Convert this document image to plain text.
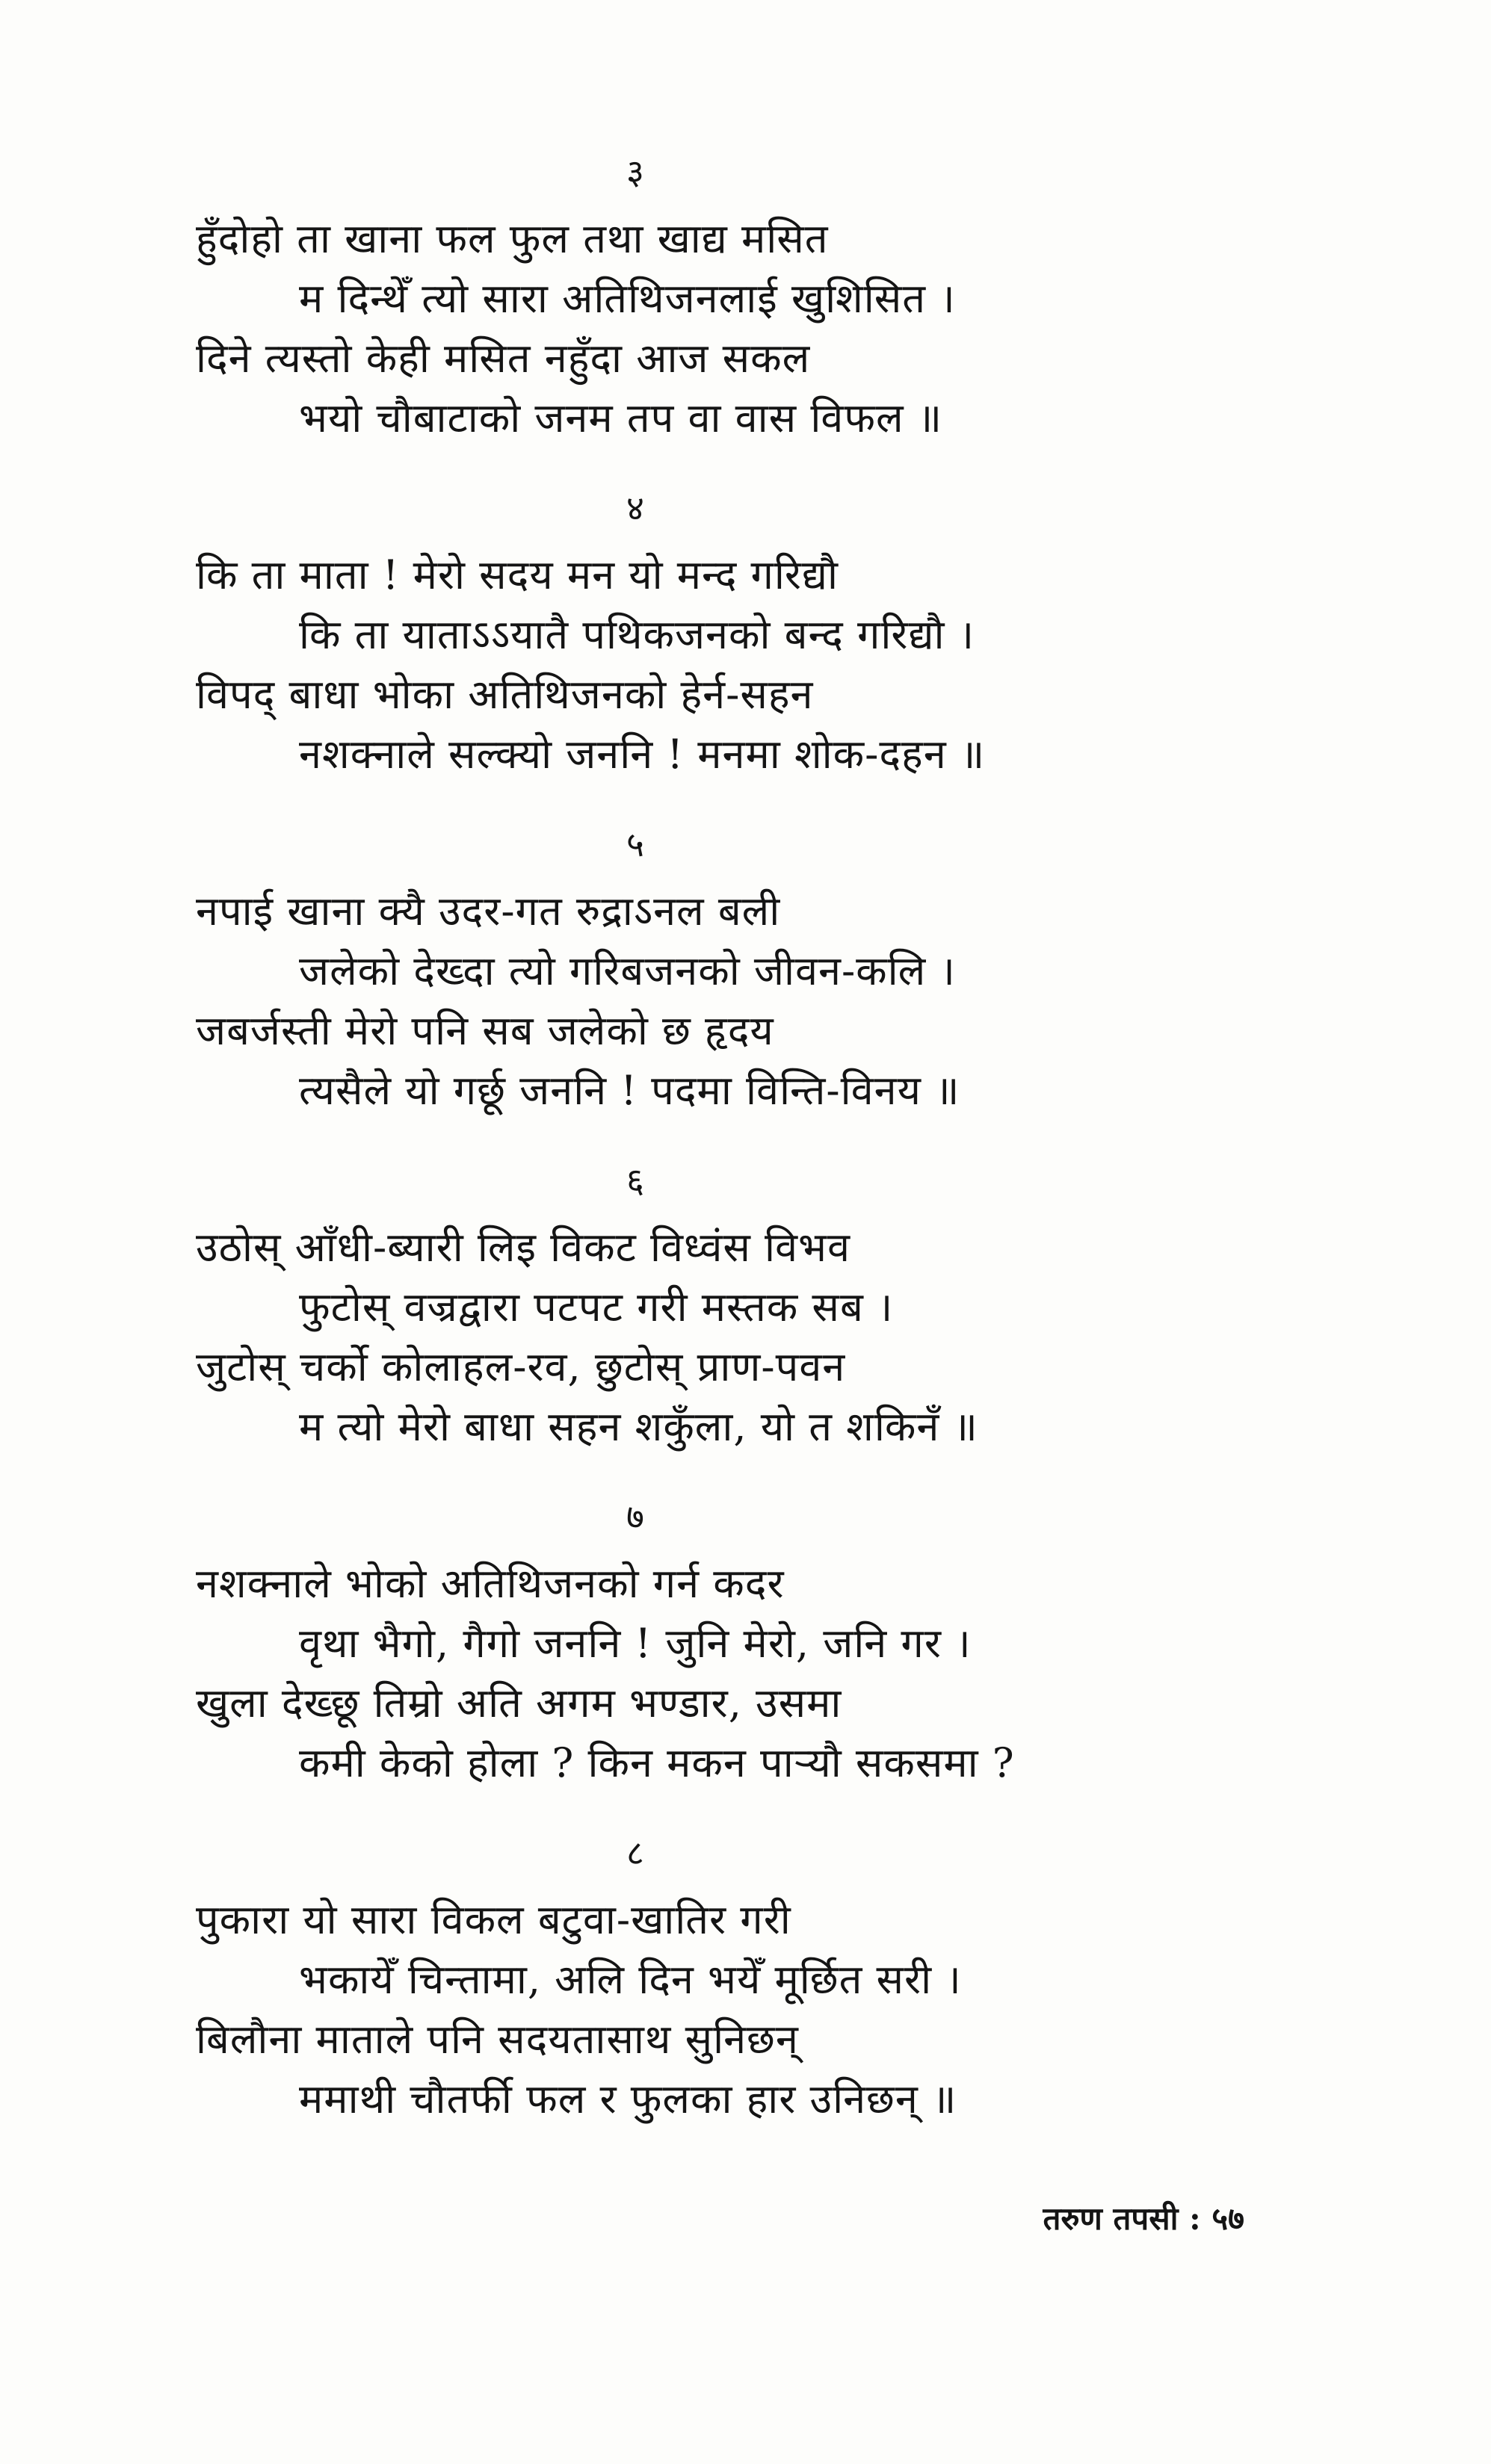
३
हुँदोहो ता खाना फल फुल तथा खाद्य मसित
म दिन्थेँ त्यो सारा अतिथिजनलाई खुशिसित ।
दिने त्यस्तो केही मसित नहुँदा आज सकल
भयो चौबाटाको जनम तप वा वास विफल ॥
४
कि ता माता ! मेरो सदय मन यो मन्द गरिद्यौ
कि ता याताऽऽयातै पथिकजनको बन्द गरिद्यौ ।
विपद् बाधा भोका अतिथिजनको हेर्न-सहन
नशक्नाले सल्क्यो जननि ! मनमा शोक-दहन ॥
५
नपाई खाना क्यै उदर-गत रुद्राऽनल बली
जलेको देख्दा त्यो गरिबजनको जीवन-कलि ।
जबर्जस्ती मेरो पनि सब जलेको छ हृदय
त्यसैले यो गर्छू जननि ! पदमा विन्ति-विनय ॥
६
उठोस् आँधी-ब्यारी लिइ विकट विध्वंस विभव
फुटोस् वज्रद्वारा पटपट गरी मस्तक सब ।
जुटोस् चर्को कोलाहल-रव, छुटोस् प्राण-पवन
म त्यो मेरो बाधा सहन शकुँला, यो त शकिनँ ॥
७
नशक्नाले भोको अतिथिजनको गर्न कदर
वृथा भैगो, गैगो जननि ! जुनि मेरो, जनि गर ।
खुला देख्छू तिम्रो अति अगम भण्डार, उसमा
कमी केको होला ? किन मकन पार्‍यौ सकसमा ?
८
पुकारा यो सारा विकल बटुवा-खातिर गरी
भकायेँ चिन्तामा, अलि दिन भयेँ मूर्छित सरी ।
बिलौना माताले पनि सदयतासाथ सुनिछन्
ममाथी चौतर्फी फल र फुलका हार उनिछन् ॥
तरुण तपसी : ५७
